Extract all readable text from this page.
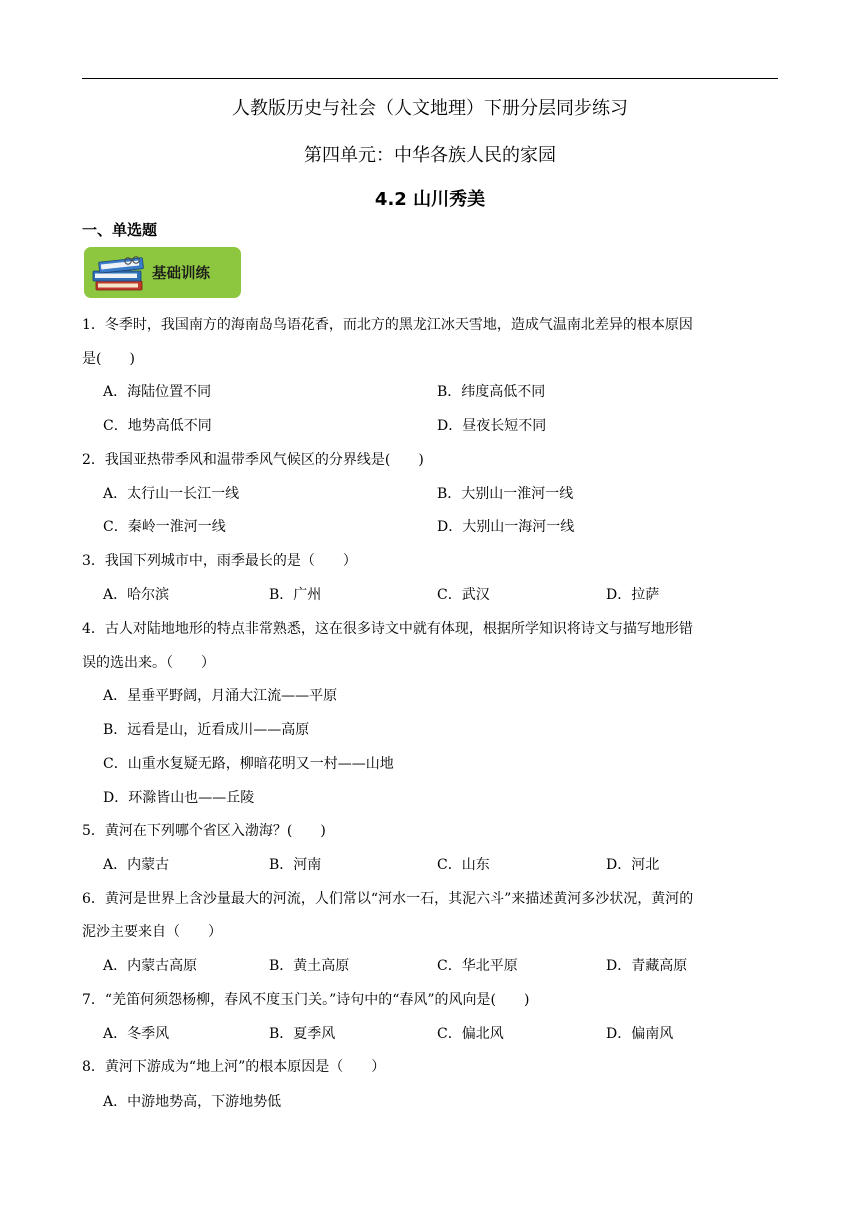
人教版历史与社会（人文地理）下册分层同步练习
第四单元：中华各族人民的家园
4.2 山川秀美
一、单选题
基础训练
1．冬季时，我国南方的海南岛鸟语花香，而北方的黑龙江冰天雪地，造成气温南北差异的根本原因
是(　　)
A．海陆位置不同	B．纬度高低不同
C．地势高低不同	D．昼夜长短不同
2．我国亚热带季风和温带季风气候区的分界线是(　　)
A．太行山一长江一线	B．大别山一淮河一线
C．秦岭一淮河一线	D．大别山一海河一线
3．我国下列城市中，雨季最长的是（　　）
A．哈尔滨	B．广州	C．武汉	D．拉萨
4．古人对陆地地形的特点非常熟悉，这在很多诗文中就有体现，根据所学知识将诗文与描写地形错
误的选出来。（　　）
A．星垂平野阔，月涌大江流——平原
B．远看是山，近看成川——高原
C．山重水复疑无路，柳暗花明又一村——山地
D．环滁皆山也——丘陵
5．黄河在下列哪个省区入渤海？(　　)
A．内蒙古	B．河南	C．山东	D．河北
6．黄河是世界上含沙量最大的河流，人们常以“河水一石，其泥六斗”来描述黄河多沙状况，黄河的
泥沙主要来自（　　）
A．内蒙古高原	B．黄土高原	C．华北平原	D．青藏高原
7．“羌笛何须怨杨柳，春风不度玉门关。”诗句中的“春风”的风向是(　　)
A．冬季风	B．夏季风	C．偏北风	D．偏南风
8．黄河下游成为“地上河”的根本原因是（　　）
A．中游地势高，下游地势低
